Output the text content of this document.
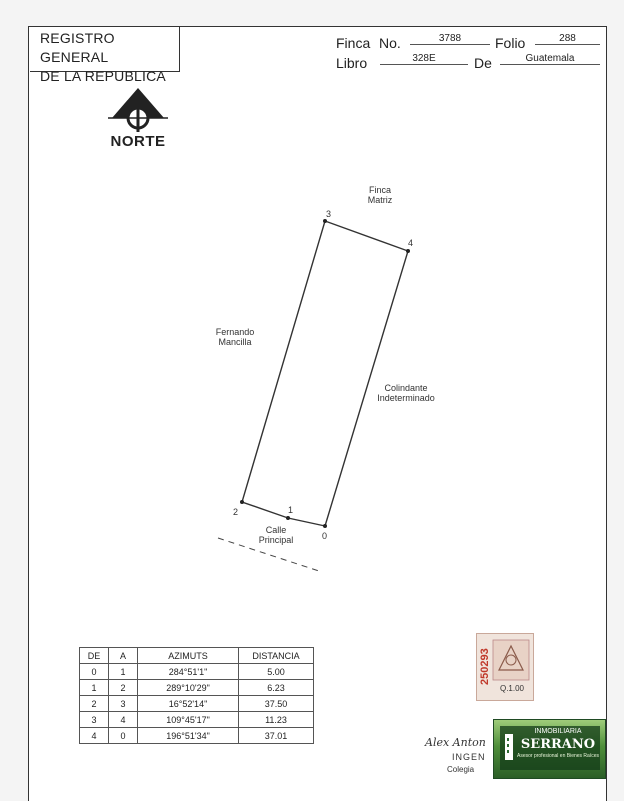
REGISTRO GENERAL
DE LA REPUBLICA
Finca No.	3788	Folio	288
Libro	328E	De	Guatemala
NORTE
0
1
2
3
4
Finca
Matriz
Fernando
Mancilla
Colindante
Indeterminado
Calle
Principal
DE	A	AZIMUTS	DISTANCIA
0	1	284°51'1"	5.00
1	2	289°10'29"	6.23
2	3	16°52'14"	37.50
3	4	109°45'17"	11.23
4	0	196°51'34"	37.01
250293
Q.1.00
Alex Anton
INGEN
Colegia
INMOBILIARIA
SERRANO
Asesor profesional en Bienes Raíces
